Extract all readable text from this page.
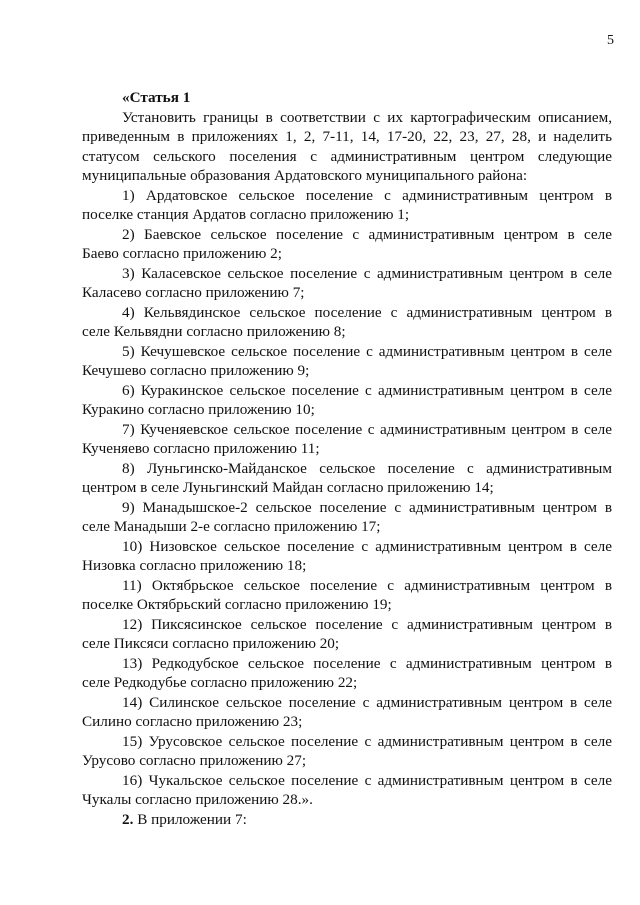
5
«Статья 1
Установить границы в соответствии с их картографическим описанием,
приведенным в приложениях 1, 2, 7-11, 14, 17-20, 22, 23, 27, 28, и наделить
статусом сельского поселения с административным центром следующие
муниципальные образования Ардатовского муниципального района:
1) Ардатовское сельское поселение с административным центром в
поселке станция Ардатов согласно приложению 1;
2) Баевское сельское поселение с административным центром в селе
Баево согласно приложению 2;
3) Каласевское сельское поселение с административным центром в селе
Каласево согласно приложению 7;
4) Кельвядинское сельское поселение с административным центром в
селе Кельвядни согласно приложению 8;
5) Кечушевское сельское поселение с административным центром в селе
Кечушево согласно приложению 9;
6) Куракинское сельское поселение с административным центром в селе
Куракино согласно приложению 10;
7) Кученяевское сельское поселение с административным центром в селе
Кученяево согласно приложению 11;
8) Луньгинско-Майданское сельское поселение с административным
центром в селе Луньгинский Майдан согласно приложению 14;
9) Манадышское-2 сельское поселение с административным центром в
селе Манадыши 2-е согласно приложению 17;
10) Низовское сельское поселение с административным центром в селе
Низовка согласно приложению 18;
11) Октябрьское сельское поселение с административным центром в
поселке Октябрьский согласно приложению 19;
12) Пиксясинское сельское поселение с административным центром в
селе Пиксяси согласно приложению 20;
13) Редкодубское сельское поселение с административным центром в
селе Редкодубье согласно приложению 22;
14) Силинское сельское поселение с административным центром в селе
Силино согласно приложению 23;
15) Урусовское сельское поселение с административным центром в селе
Урусово согласно приложению 27;
16) Чукальское сельское поселение с административным центром в селе
Чукалы согласно приложению 28.».
2. В приложении 7:
